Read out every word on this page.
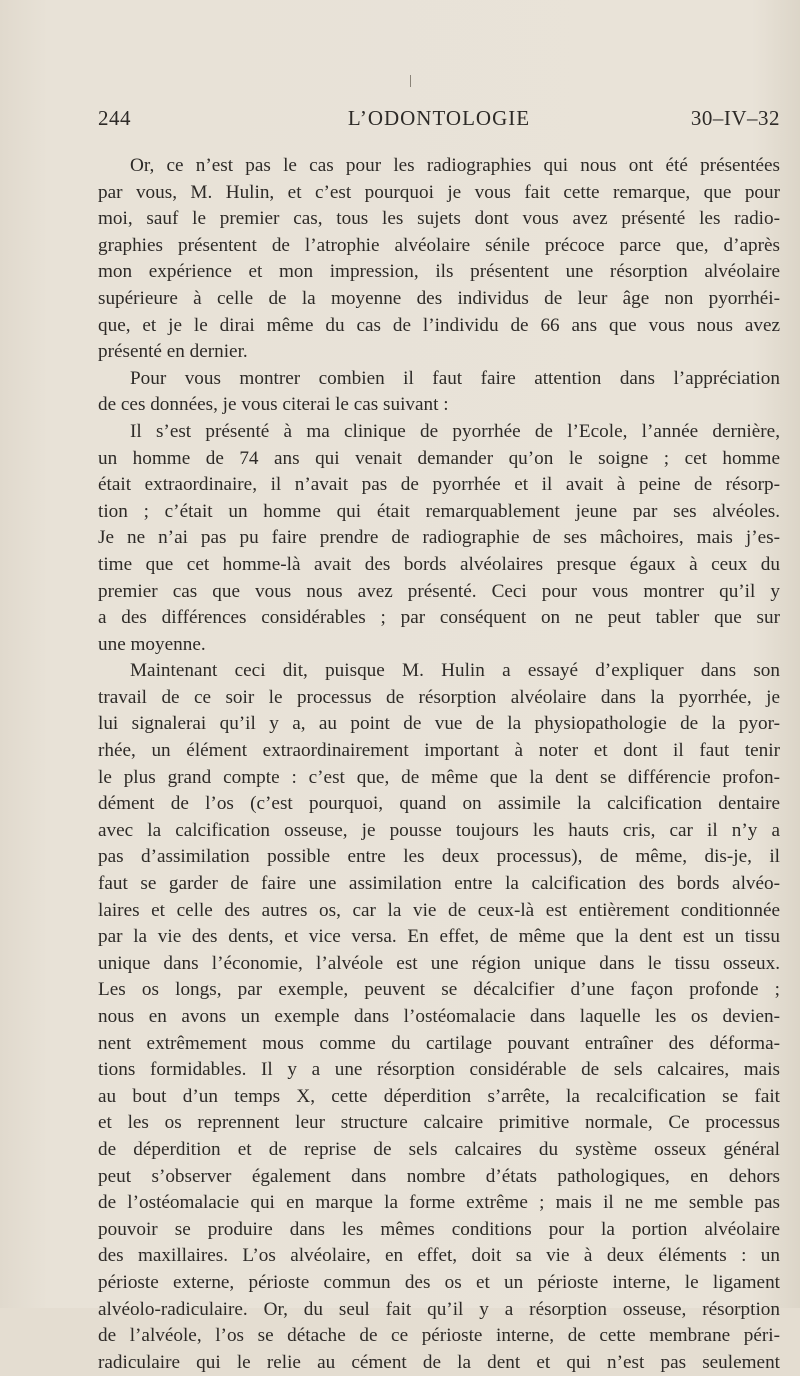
244	L’ODONTOLOGIE	30–IV–32
Or, ce n’est pas le cas pour les radiographies qui nous ont été présentées
par vous, M. Hulin, et c’est pourquoi je vous fait cette remarque, que pour
moi, sauf le premier cas, tous les sujets dont vous avez présenté les radio-
graphies présentent de l’atrophie alvéolaire sénile précoce parce que, d’après
mon expérience et mon impression, ils présentent une résorption alvéolaire
supérieure à celle de la moyenne des individus de leur âge non pyorrhéi-
que, et je le dirai même du cas de l’individu de 66 ans que vous nous avez
présenté en dernier.
Pour vous montrer combien il faut faire attention dans l’appréciation
de ces données, je vous citerai le cas suivant :
Il s’est présenté à ma clinique de pyorrhée de l’Ecole, l’année dernière,
un homme de 74 ans qui venait demander qu’on le soigne ; cet homme
était extraordinaire, il n’avait pas de pyorrhée et il avait à peine de résorp-
tion ; c’était un homme qui était remarquablement jeune par ses alvéoles.
Je ne n’ai pas pu faire prendre de radiographie de ses mâchoires, mais j’es-
time que cet homme-là avait des bords alvéolaires presque égaux à ceux du
premier cas que vous nous avez présenté. Ceci pour vous montrer qu’il y
a des différences considérables ; par conséquent on ne peut tabler que sur
une moyenne.
Maintenant ceci dit, puisque M. Hulin a essayé d’expliquer dans son
travail de ce soir le processus de résorption alvéolaire dans la pyorrhée, je
lui signalerai qu’il y a, au point de vue de la physiopathologie de la pyor-
rhée, un élément extraordinairement important à noter et dont il faut tenir
le plus grand compte : c’est que, de même que la dent se différencie profon-
dément de l’os (c’est pourquoi, quand on assimile la calcification dentaire
avec la calcification osseuse, je pousse toujours les hauts cris, car il n’y a
pas d’assimilation possible entre les deux processus), de même, dis-je, il
faut se garder de faire une assimilation entre la calcification des bords alvéo-
laires et celle des autres os, car la vie de ceux-là est entièrement conditionnée
par la vie des dents, et vice versa. En effet, de même que la dent est un tissu
unique dans l’économie, l’alvéole est une région unique dans le tissu osseux.
Les os longs, par exemple, peuvent se décalcifier d’une façon profonde ;
nous en avons un exemple dans l’ostéomalacie dans laquelle les os devien-
nent extrêmement mous comme du cartilage pouvant entraîner des déforma-
tions formidables. Il y a une résorption considérable de sels calcaires, mais
au bout d’un temps X, cette déperdition s’arrête, la recalcification se fait
et les os reprennent leur structure calcaire primitive normale, Ce processus
de déperdition et de reprise de sels calcaires du système osseux général
peut s’observer également dans nombre d’états pathologiques, en dehors
de l’ostéomalacie qui en marque la forme extrême ; mais il ne me semble pas
pouvoir se produire dans les mêmes conditions pour la portion alvéolaire
des maxillaires. L’os alvéolaire, en effet, doit sa vie à deux éléments : un
périoste externe, périoste commun des os et un périoste interne, le ligament
alvéolo-radiculaire. Or, du seul fait qu’il y a résorption osseuse, résorption
de l’alvéole, l’os se détache de ce périoste interne, de cette membrane péri-
radiculaire qui le relie au cément de la dent et qui n’est pas seulement
